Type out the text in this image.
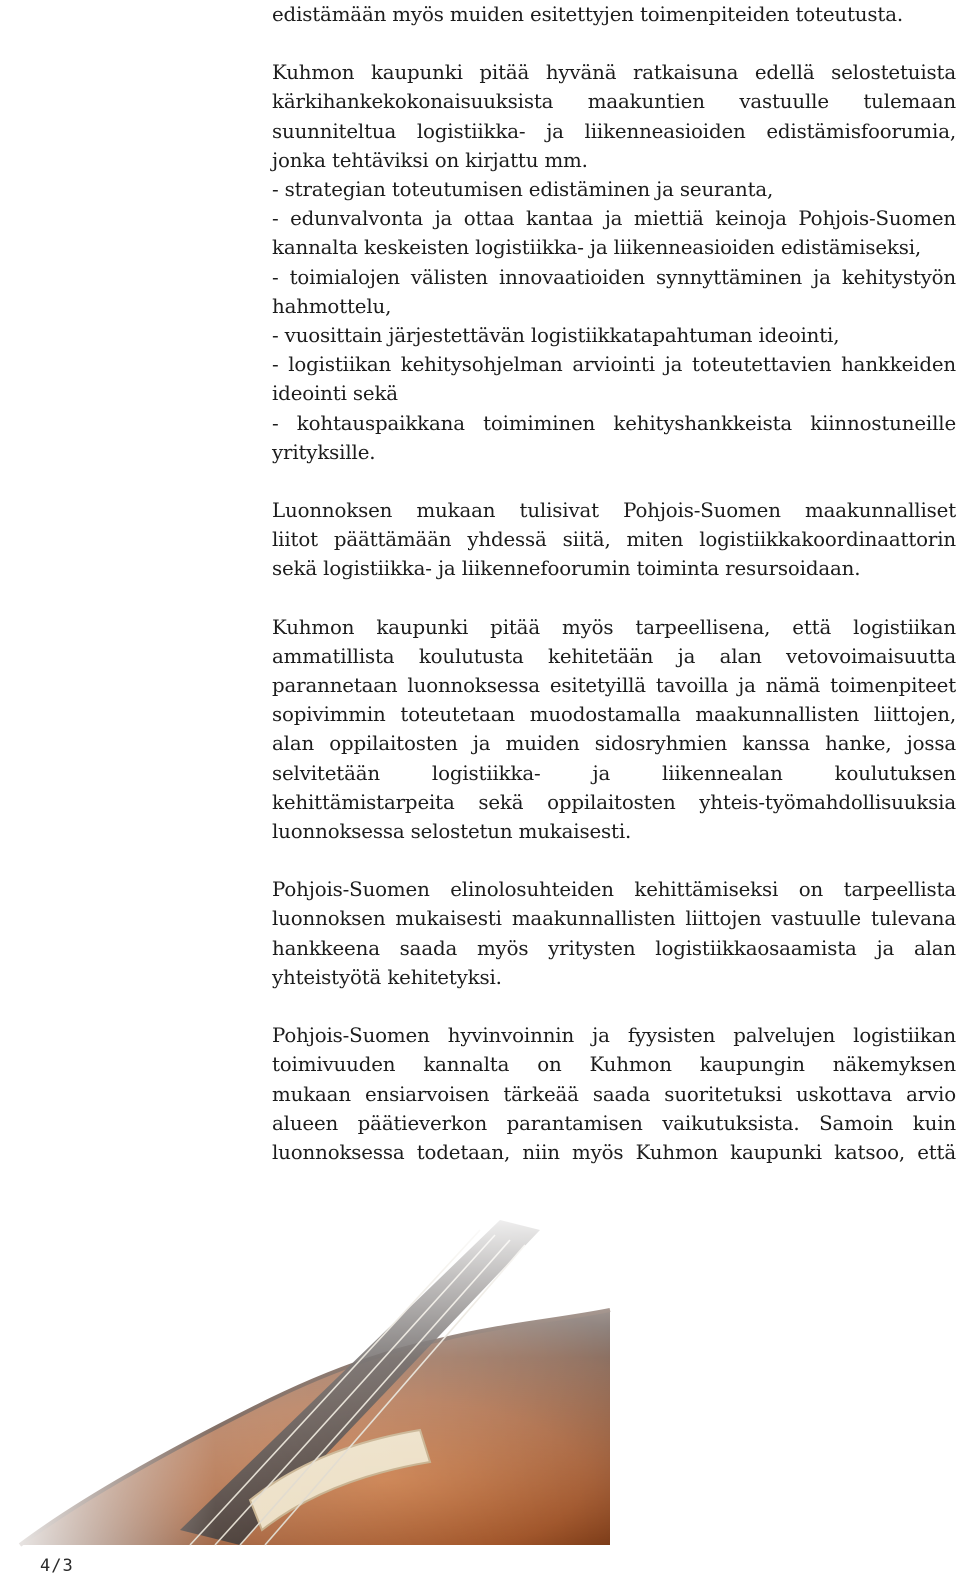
edistämään myös muiden esitettyjen toimenpiteiden toteutusta.

Kuhmon kaupunki pitää hyvänä ratkaisuna edellä selostetuista
kärkihankekokonaisuuksista maakuntien vastuulle tulemaan
suunniteltua logistiikka- ja liikenneasioiden edistämisfoorumia,
jonka tehtäviksi on kirjattu mm.

- strategian toteutumisen edistäminen ja seuranta,
- edunvalvonta ja ottaa kantaa ja miettiä keinoja Pohjois-Suomen
kannalta keskeisten logistiikka- ja liikenneasioiden edistämiseksi,
- toimialojen välisten innovaatioiden synnyttäminen ja kehitystyön
hahmottelu,
- vuosittain järjestettävän logistiikkatapahtuman ideointi,
- logistiikan kehitysohjelman arviointi ja toteutettavien hankkeiden
ideointi sekä
- kohtauspaikkana toimiminen kehityshankkeista kiinnostuneille
yrityksille.

Luonnoksen mukaan tulisivat Pohjois-Suomen maakunnalliset
liitot päättämään yhdessä siitä, miten logistiikkakoordinaattorin
sekä logistiikka- ja liikennefoorumin toiminta resursoidaan.

Kuhmon kaupunki pitää myös tarpeellisena, että logistiikan
ammatillista koulutusta kehitetään ja alan vetovoimaisuutta
parannetaan luonnoksessa esitetyillä tavoilla ja nämä toimenpiteet
sopivimmin toteutetaan muodostamalla maakunnallisten liittojen,
alan oppilaitosten ja muiden sidosryhmien kanssa hanke, jossa
selvitetään logistiikka- ja liikennealan koulutuksen
kehittämistarpeita sekä oppilaitosten yhteis-työmahdollisuuksia
luonnoksessa selostetun mukaisesti.

Pohjois-Suomen elinolosuhteiden kehittämiseksi on tarpeellista
luonnoksen mukaisesti maakunnallisten liittojen vastuulle tulevana
hankkeena saada myös yritysten logistiikkaosaamista ja alan
yhteistyötä kehitetyksi.

Pohjois-Suomen hyvinvoinnin ja fyysisten palvelujen logistiikan
toimivuuden kannalta on Kuhmon kaupungin näkemyksen
mukaan ensiarvoisen tärkeää saada suoritetuksi uskottava arvio
alueen päätieverkon parantamisen vaikutuksista. Samoin kuin
luonnoksessa todetaan, niin myös Kuhmon kaupunki katsoo, että

4/3
